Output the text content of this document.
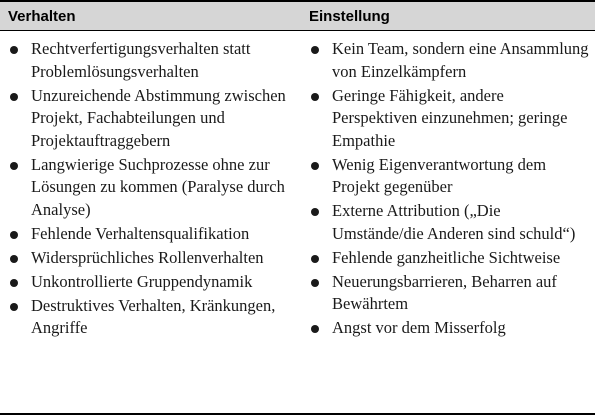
Verhalten	Einstellung
Rechtverfertigungsverhalten statt Problemlösungsverhalten
Unzureichende Abstimmung zwischen Projekt, Fachabteilungen und Projektauftraggebern
Langwierige Suchprozesse ohne zur Lösungen zu kommen (Paralyse durch Analyse)
Fehlende Verhaltensqualifikation
Widersprüchliches Rollenverhalten
Unkontrollierte Gruppendynamik
Destruktives Verhalten, Kränkungen, Angriffe
Kein Team, sondern eine Ansammlung von Einzelkämpfern
Geringe Fähigkeit, andere Perspektiven einzunehmen; geringe Empathie
Wenig Eigenverantwortung dem Projekt gegenüber
Externe Attribution („Die Umstände/die Anderen sind schuld“)
Fehlende ganzheitliche Sichtweise
Neuerungsbarrieren, Beharren auf Bewährtem
Angst vor dem Misserfolg
